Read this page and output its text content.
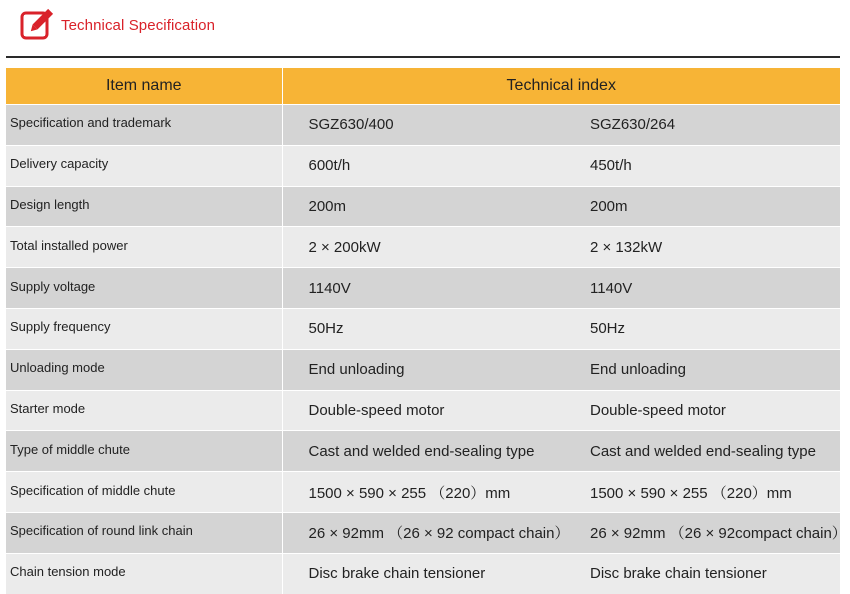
Technical Specification
Item name	Technical index	
Specification and trademark	SGZ630/400	SGZ630/264
Delivery capacity	600t/h	450t/h
Design length	200m	200m
Total installed power	2 × 200kW	2 × 132kW
Supply voltage	1140V	1140V
Supply frequency	50Hz	50Hz
Unloading mode	End unloading	End unloading
Starter mode	Double-speed motor	Double-speed motor
Type of middle chute	Cast and welded end-sealing type	Cast and welded end-sealing type
Specification of middle chute	1500 × 590 × 255 （220）mm	1500 × 590 × 255 （220）mm
Specification of round link chain	26 × 92mm （26 × 92 compact chain）	26 × 92mm （26 × 92compact chain）
Chain tension mode	Disc brake chain tensioner	Disc brake chain tensioner
